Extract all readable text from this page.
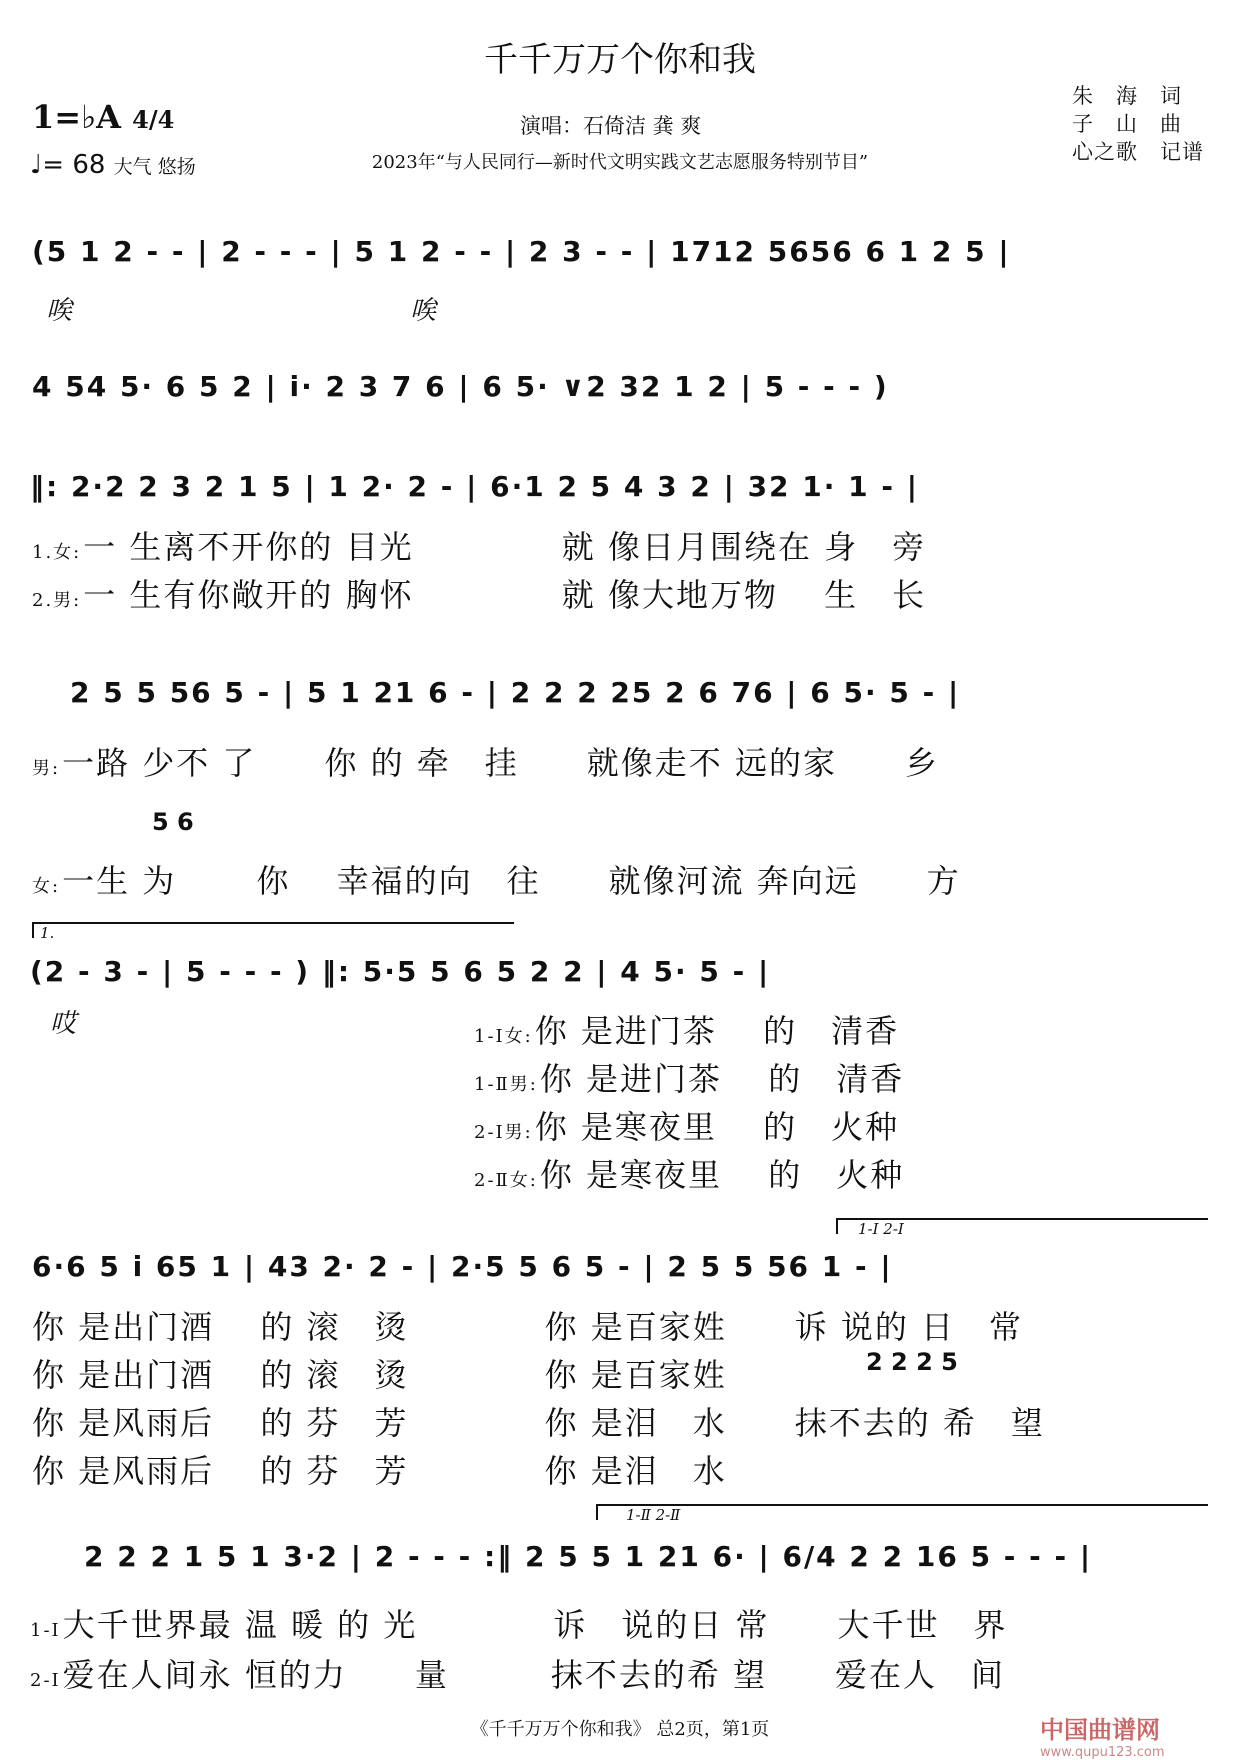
千千万万个你和我
1=♭A 4/4
♩= 68 大气 悠扬
演唱：石倚洁 龚 爽
2023年“与人民同行—新时代文明实践文艺志愿服务特别节目”
朱　海　词
子　山　曲
心之歌　记谱
(5 1 2 - - | 2 - - - | 5 1 2 - - | 2 3 - - | 1712 5656 6 1 2 5 |
唉	唉
4 54 5· 6 5 2 | i· 2 3 7 6 | 6 5· ∨2 32 1 2 | 5 - - - )
‖: 2·2 2 3 2 1 5 | 1 2· 2 - | 6·1 2 5 4 3 2 | 32 1· 1 - |
1.女:一 生离不开你的 目光　　　　 就 像日月围绕在 身　旁
2.男:一 生有你敞开的 胸怀　　　　 就 像大地万物　 生　长
2 5 5 56 5 - | 5 1 21 6 - | 2 2 2 25 2 6 76 | 6 5· 5 - |
男:一路 少不 了　　你 的 牵　挂　　就像走不 远的家　　乡
5 6
女:一生 为　　 你　 幸福的向　往　　就像河流 奔向远　　方
1.
(2 - 3 - | 5 - - - ) ‖: 5·5 5 6 5 2 2 | 4 5· 5 - |
哎	1-Ⅰ女:你 是进门茶　 的　清香
1-Ⅱ男:你 是进门茶　 的　清香
2-Ⅰ男:你 是寒夜里　 的　火种
2-Ⅱ女:你 是寒夜里　 的　火种
1-Ⅰ 2-Ⅰ
6·6 5 i 65 1 | 43 2· 2 - | 2·5 5 6 5 - | 2 5 5 56 1 - |
你 是出门酒　 的 滚　烫　　　　你 是百家姓　　诉 说的 日　常
你 是出门酒　 的 滚　烫　　　　你 是百家姓	2 2 2 5
你 是风雨后　 的 芬　芳　　　　你 是泪　水　　抹不去的 希　望
你 是风雨后　 的 芬　芳　　　　你 是泪　水
1-Ⅱ 2-Ⅱ
2 2 2 1 5 1 3·2 | 2 - - - :‖ 2 5 5 1 21 6· | 6/4 2 2 16 5 - - - |
1-Ⅰ大千世界最 温 暖 的 光　　　　诉　说的日 常　　大千世　界
2-Ⅰ爱在人间永 恒的力　　量　　　抹不去的希 望　　爱在人　间
《千千万万个你和我》 总2页，第1页	中国曲谱网
www.qupu123.com
